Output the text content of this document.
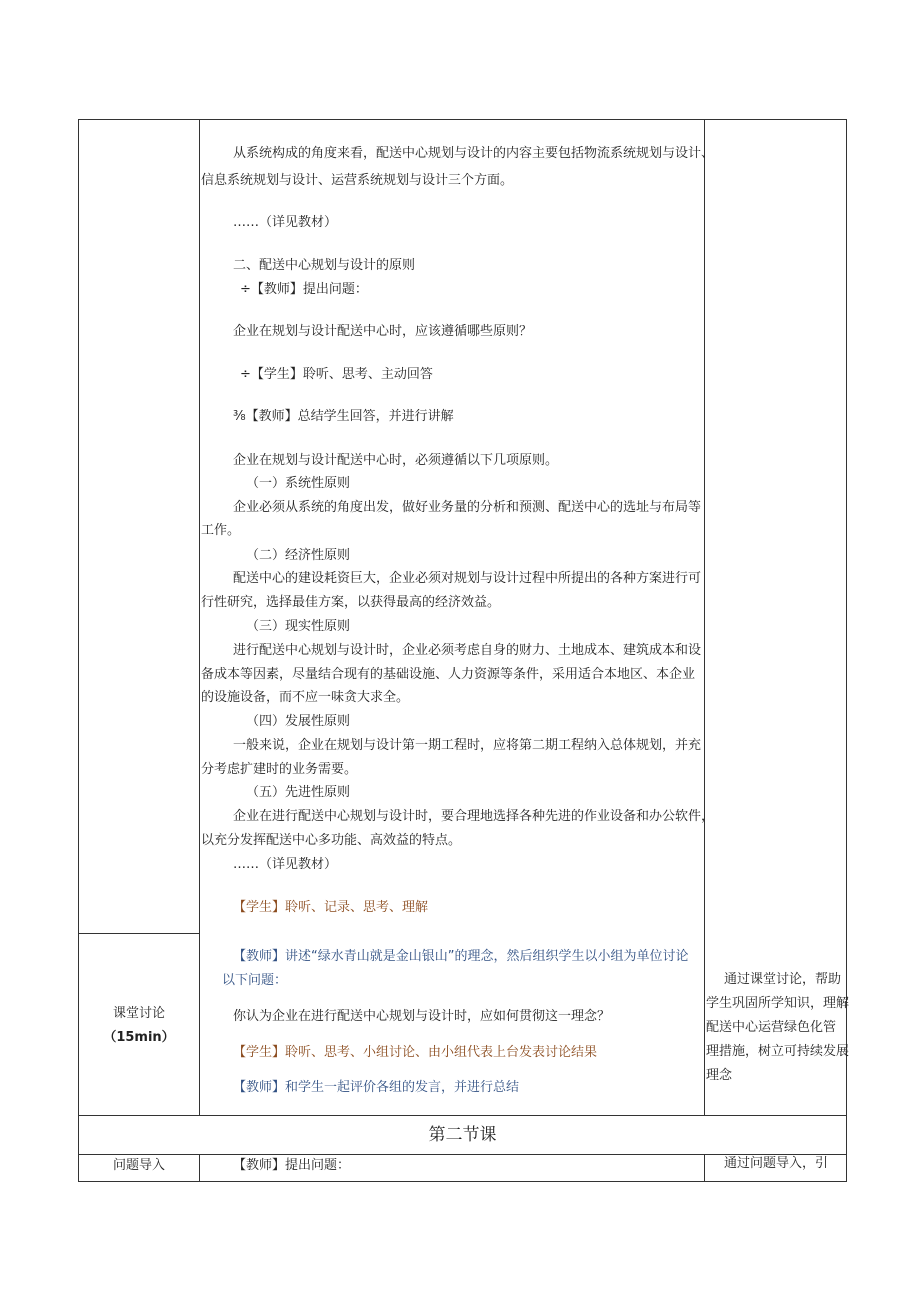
从系统构成的角度来看，配送中心规划与设计的内容主要包括物流系统规划与设计、
信息系统规划与设计、运营系统规划与设计三个方面。
……（详见教材）
二、配送中心规划与设计的原则
÷【教师】提出问题：
企业在规划与设计配送中心时，应该遵循哪些原则？
÷【学生】聆听、思考、主动回答
⅜【教师】总结学生回答，并进行讲解
企业在规划与设计配送中心时，必须遵循以下几项原则。
（一）系统性原则
企业必须从系统的角度出发，做好业务量的分析和预测、配送中心的选址与布局等
工作。
（二）经济性原则
配送中心的建设耗资巨大，企业必须对规划与设计过程中所提出的各种方案进行可
行性研究，选择最佳方案，以获得最高的经济效益。
（三）现实性原则
进行配送中心规划与设计时，企业必须考虑自身的财力、土地成本、建筑成本和设
备成本等因素，尽量结合现有的基础设施、人力资源等条件，采用适合本地区、本企业
的设施设备，而不应一味贪大求全。
（四）发展性原则
一般来说，企业在规划与设计第一期工程时，应将第二期工程纳入总体规划，并充
分考虑扩建时的业务需要。
（五）先进性原则
企业在进行配送中心规划与设计时，要合理地选择各种先进的作业设备和办公软件，
以充分发挥配送中心多功能、高效益的特点。
……（详见教材）
【学生】聆听、记录、思考、理解
【教师】讲述“绿水青山就是金山银山”的理念，然后组织学生以小组为单位讨论
以下问题：
你认为企业在进行配送中心规划与设计时，应如何贯彻这一理念？
【学生】聆听、思考、小组讨论、由小组代表上台发表讨论结果
【教师】和学生一起评价各组的发言，并进行总结
课堂讨论
（15min）
通过课堂讨论，帮助
学生巩固所学知识，理解
配送中心运营绿色化管
理措施，树立可持续发展
理念
第二节课
问题导入	【教师】提出问题：	通过问题导入，引
